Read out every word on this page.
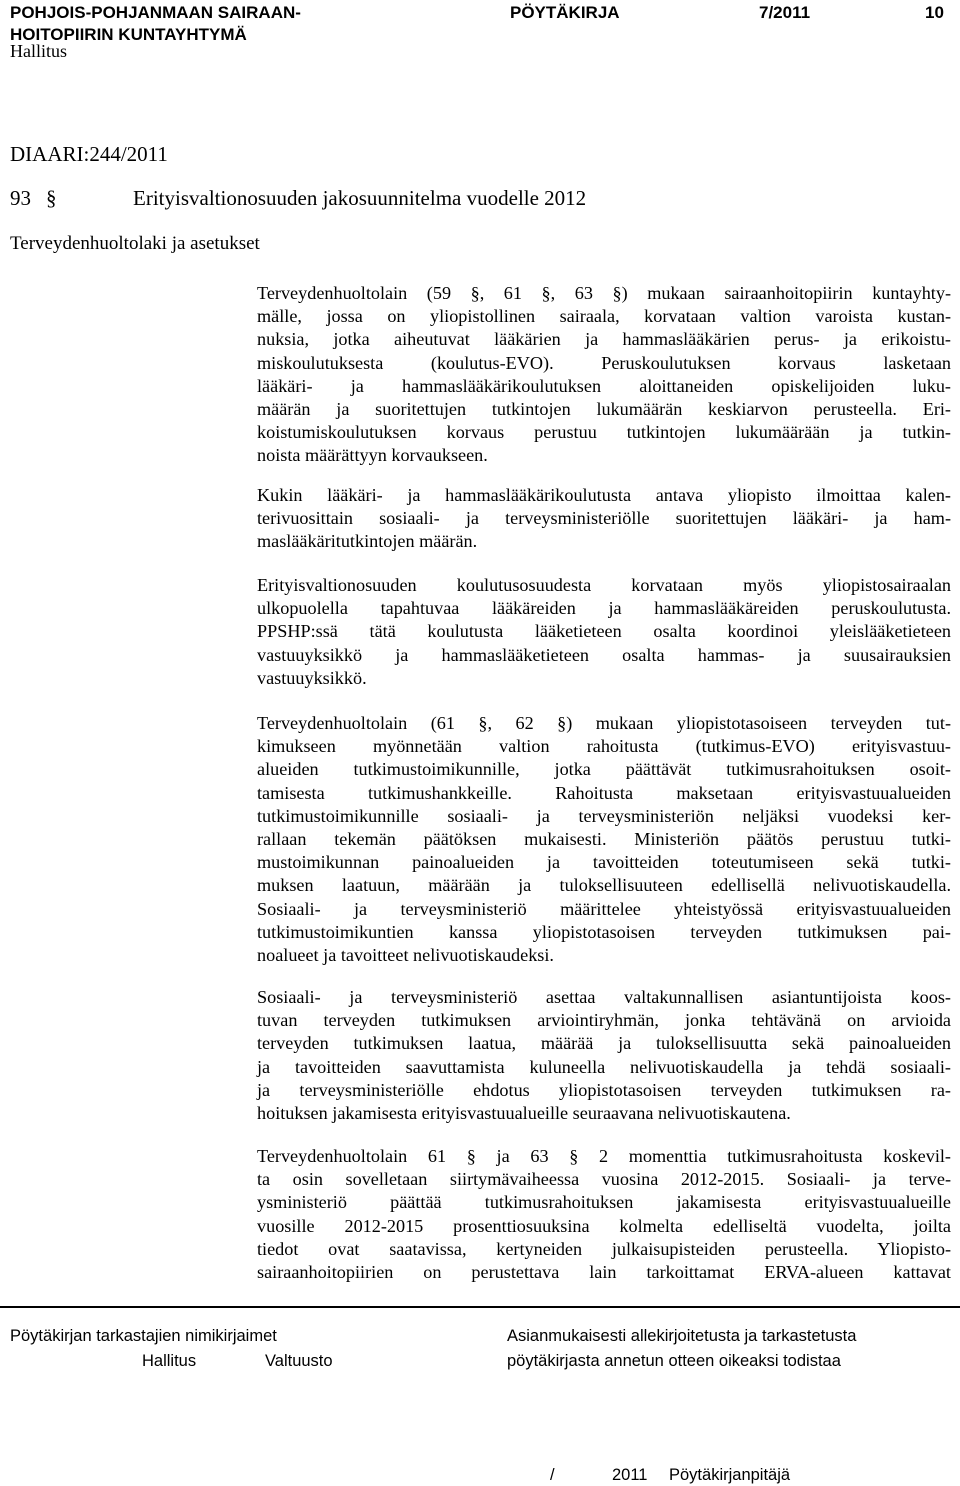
POHJOIS-POHJANMAAN SAIRAAN-
HOITOPIIRIN KUNTAYHTYMÄ
PÖYTÄKIRJA	7/2011	10
Hallitus
DIAARI:244/2011
93 §	Erityisvaltionosuuden jakosuunnitelma vuodelle 2012
Terveydenhuoltolaki ja asetukset
Terveydenhuoltolain (59 §, 61 §, 63 §) mukaan sairaanhoitopiirin kuntayhty-
mälle, jossa on yliopistollinen sairaala, korvataan valtion varoista kustan-
nuksia, jotka aiheutuvat lääkärien ja hammaslääkärien perus- ja erikoistu-
miskoulutuksesta (koulutus-EVO). Peruskoulutuksen korvaus lasketaan
lääkäri- ja hammaslääkärikoulutuksen aloittaneiden opiskelijoiden luku-
määrän ja suoritettujen tutkintojen lukumäärän keskiarvon perusteella. Eri-
koistumiskoulutuksen korvaus perustuu tutkintojen lukumäärään ja tutkin-
noista määrättyyn korvaukseen.
Kukin lääkäri- ja hammaslääkärikoulutusta antava yliopisto ilmoittaa kalen-
terivuosittain sosiaali- ja terveysministeriölle suoritettujen lääkäri- ja ham-
maslääkäritutkintojen määrän.
Erityisvaltionosuuden koulutusosuudesta korvataan myös yliopistosairaalan
ulkopuolella tapahtuvaa lääkäreiden ja hammaslääkäreiden peruskoulutusta.
PPSHP:ssä tätä koulutusta lääketieteen osalta koordinoi yleislääketieteen
vastuuyksikkö ja hammaslääketieteen osalta hammas- ja suusairauksien
vastuuyksikkö.
Terveydenhuoltolain (61 §, 62 §) mukaan yliopistotasoiseen terveyden tut-
kimukseen myönnetään valtion rahoitusta (tutkimus-EVO) erityisvastuu-
alueiden tutkimustoimikunnille, jotka päättävät tutkimusrahoituksen osoit-
tamisesta tutkimushankkeille. Rahoitusta maksetaan erityisvastuualueiden
tutkimustoimikunnille sosiaali- ja terveysministeriön neljäksi vuodeksi ker-
rallaan tekemän päätöksen mukaisesti. Ministeriön päätös perustuu tutki-
mustoimikunnan painoalueiden ja tavoitteiden toteutumiseen sekä tutki-
muksen laatuun, määrään ja tuloksellisuuteen edellisellä nelivuotiskaudella.
Sosiaali- ja terveysministeriö määrittelee yhteistyössä erityisvastuualueiden
tutkimustoimikuntien kanssa yliopistotasoisen terveyden tutkimuksen pai-
noalueet ja tavoitteet nelivuotiskaudeksi.
Sosiaali- ja terveysministeriö asettaa valtakunnallisen asiantuntijoista koos-
tuvan terveyden tutkimuksen arviointiryhmän, jonka tehtävänä on arvioida
terveyden tutkimuksen laatua, määrää ja tuloksellisuutta sekä painoalueiden
ja tavoitteiden saavuttamista kuluneella nelivuotiskaudella ja tehdä sosiaali-
ja terveysministeriölle ehdotus yliopistotasoisen terveyden tutkimuksen ra-
hoituksen jakamisesta erityisvastuualueille seuraavana nelivuotiskautena.
Terveydenhuoltolain 61 § ja 63 § 2 momenttia tutkimusrahoitusta koskevil-
ta osin sovelletaan siirtymävaiheessa vuosina 2012-2015. Sosiaali- ja terve-
ysministeriö päättää tutkimusrahoituksen jakamisesta erityisvastuualueille
vuosille 2012-2015 prosenttiosuuksina kolmelta edelliseltä vuodelta, joilta
tiedot ovat saatavissa, kertyneiden julkaisupisteiden perusteella. Yliopisto-
sairaanhoitopiirien on perustettava lain tarkoittamat ERVA-alueen kattavat
Pöytäkirjan tarkastajien nimikirjaimet
Hallitus	Valtuusto
Asianmukaisesti allekirjoitetusta ja tarkastetusta
pöytäkirjasta annetun otteen oikeaksi todistaa
/	2011 Pöytäkirjanpitäjä
